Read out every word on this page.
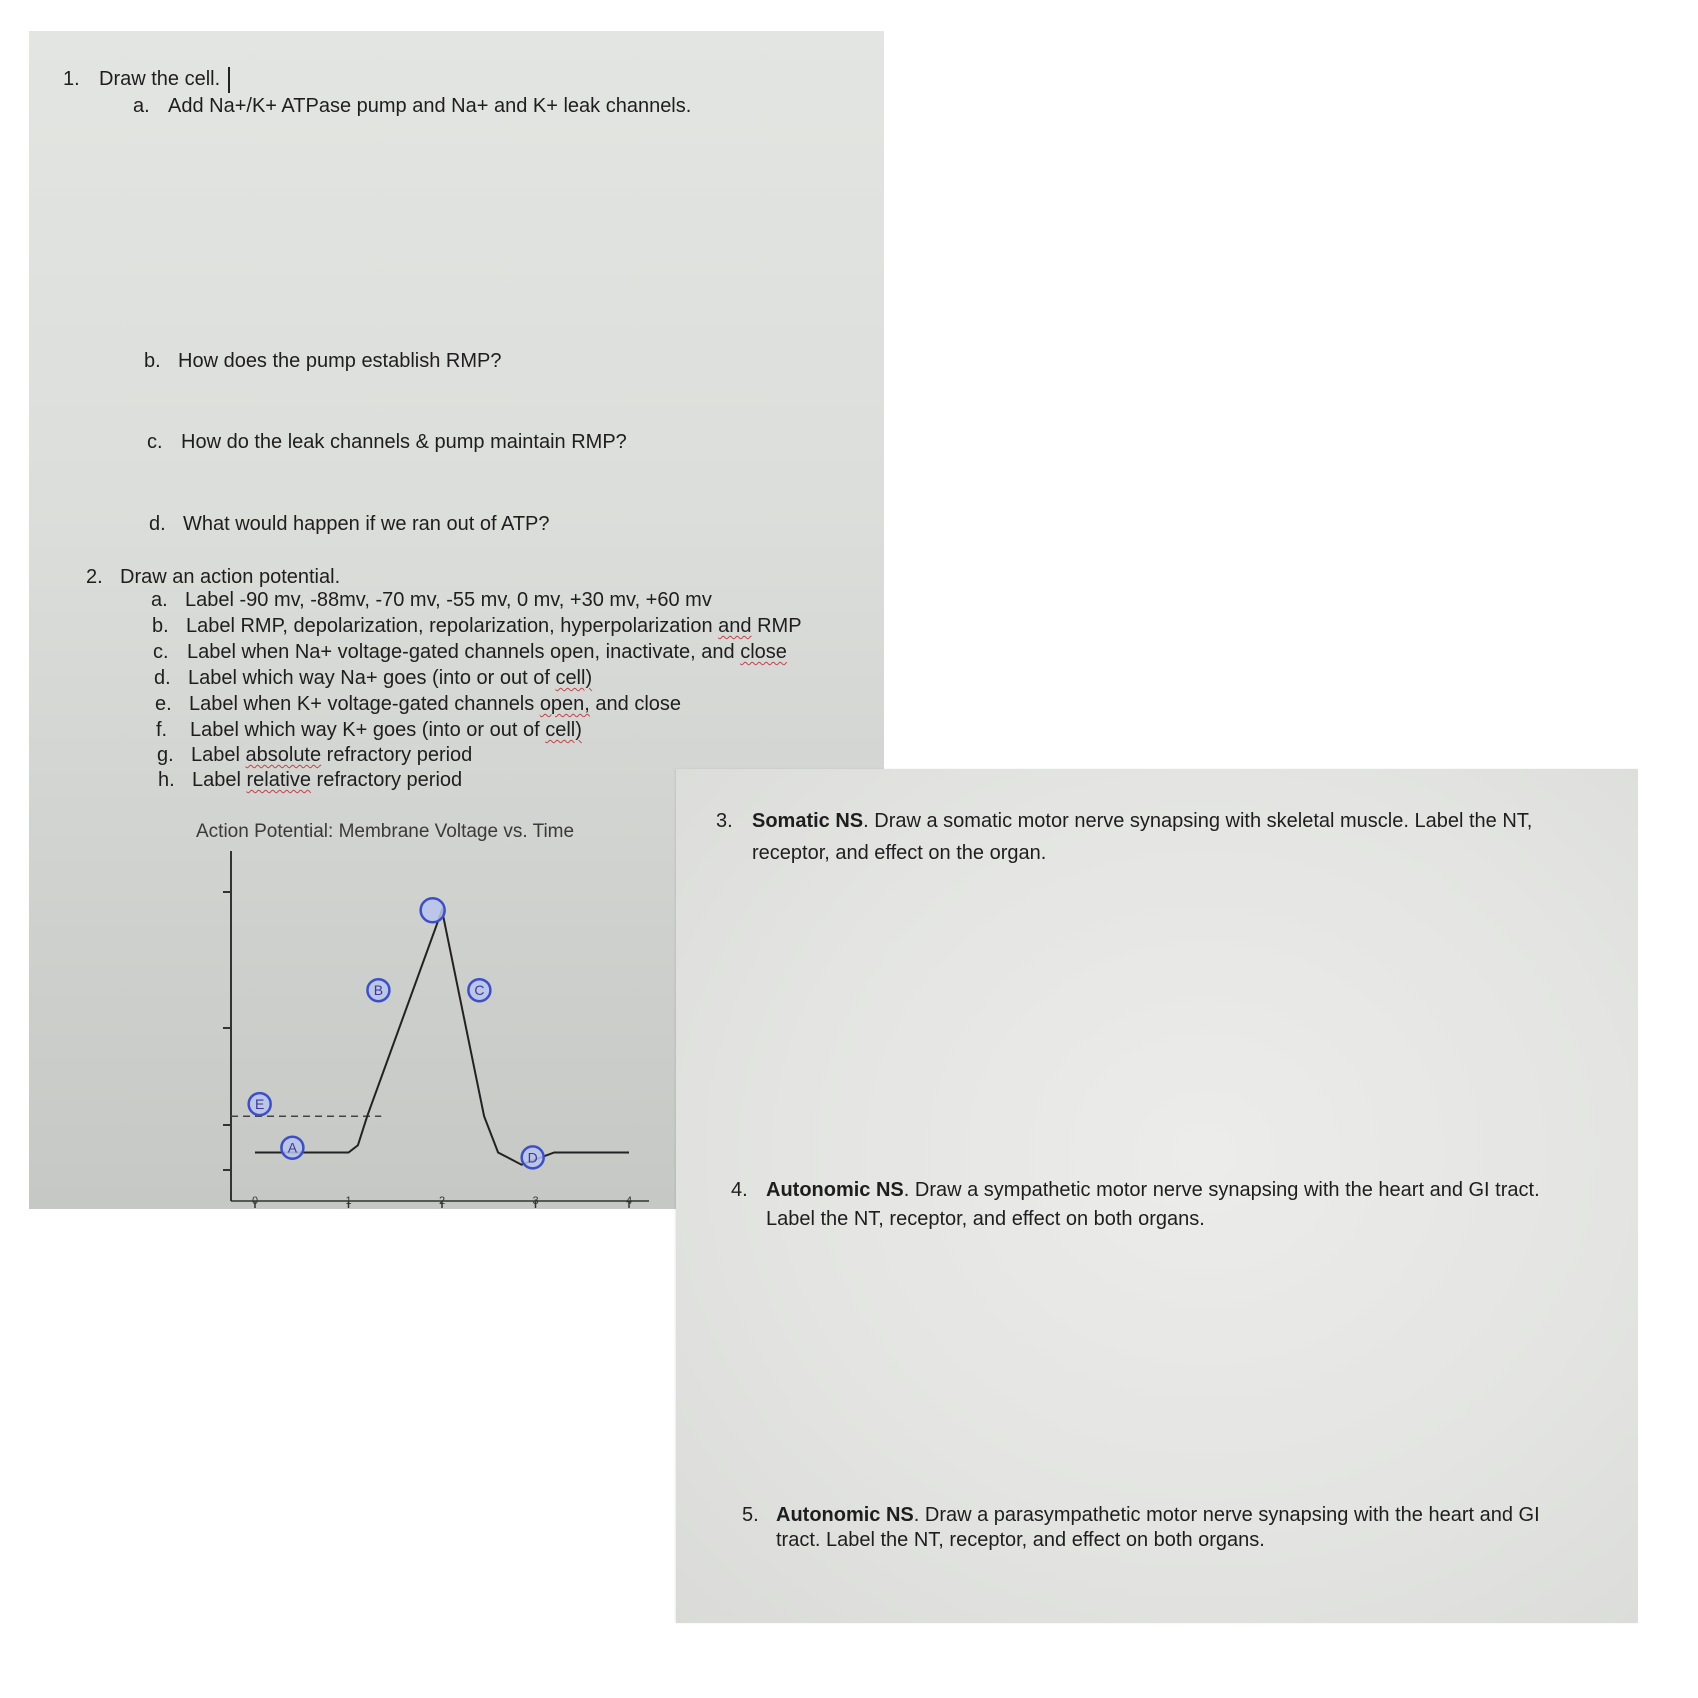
1. Draw the cell.
a. Add Na+/K+ ATPase pump and Na+ and K+ leak channels.
b. How does the pump establish RMP?
c. How do the leak channels & pump maintain RMP?
d. What would happen if we ran out of ATP?
2. Draw an action potential.
a. Label -90 mv, -88mv, -70 mv, -55 mv, 0 mv, +30 mv, +60 mv
b. Label RMP, depolarization, repolarization, hyperpolarization and RMP
c. Label when Na+ voltage-gated channels open, inactivate, and close
d. Label which way Na+ goes (into or out of cell)
e. Label when K+ voltage-gated channels open, and close
f. Label which way K+ goes (into or out of cell)
g. Label absolute refractory period
h. Label relative refractory period
Action Potential: Membrane Voltage vs. Time
0	1	2	3	4
A
B	C
D
E
Time (msec)
3. Somatic NS. Draw a somatic motor nerve synapsing with skeletal muscle. Label the NT,
receptor, and effect on the organ.
4. Autonomic NS. Draw a sympathetic motor nerve synapsing with the heart and GI tract.
Label the NT, receptor, and effect on both organs.
5. Autonomic NS. Draw a parasympathetic motor nerve synapsing with the heart and GI
tract. Label the NT, receptor, and effect on both organs.
